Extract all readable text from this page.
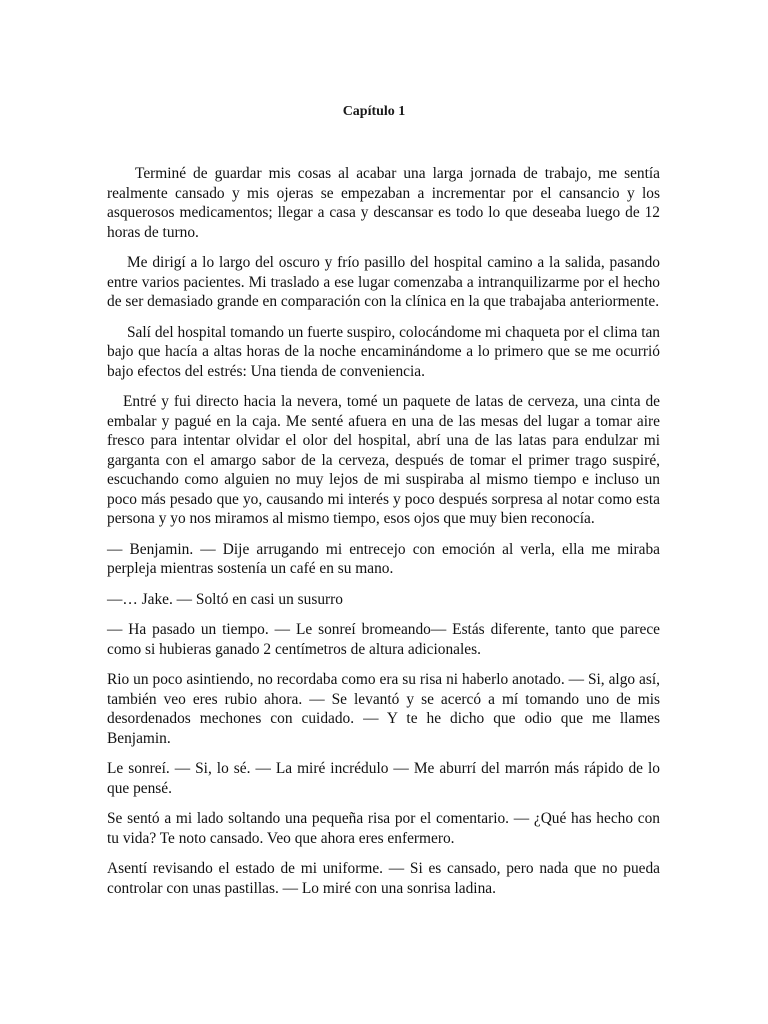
Capítulo 1

Terminé de guardar mis cosas al acabar una larga jornada de trabajo, me sentía realmente cansado y mis ojeras se empezaban a incrementar por el cansancio y los asquerosos medicamentos; llegar a casa y descansar es todo lo que deseaba luego de 12 horas de turno.

Me dirigí a lo largo del oscuro y frío pasillo del hospital camino a la salida, pasando entre varios pacientes. Mi traslado a ese lugar comenzaba a intranquilizarme por el hecho de ser demasiado grande en comparación con la clínica en la que trabajaba anteriormente.

Salí del hospital tomando un fuerte suspiro, colocándome mi chaqueta por el clima tan bajo que hacía a altas horas de la noche encaminándome a lo primero que se me ocurrió bajo efectos del estrés: Una tienda de conveniencia.

Entré y fui directo hacia la nevera, tomé un paquete de latas de cerveza, una cinta de embalar y pagué en la caja. Me senté afuera en una de las mesas del lugar a tomar aire fresco para intentar olvidar el olor del hospital, abrí una de las latas para endulzar mi garganta con el amargo sabor de la cerveza, después de tomar el primer trago suspiré, escuchando como alguien no muy lejos de mi suspiraba al mismo tiempo e incluso un poco más pesado que yo, causando mi interés y poco después sorpresa al notar como esta persona y yo nos miramos al mismo tiempo, esos ojos que muy bien reconocía.

— Benjamin. — Dije arrugando mi entrecejo con emoción al verla, ella me miraba perpleja mientras sostenía un café en su mano.

—… Jake. — Soltó en casi un susurro

— Ha pasado un tiempo. — Le sonreí bromeando— Estás diferente, tanto que parece como si hubieras ganado 2 centímetros de altura adicionales.

Rio un poco asintiendo, no recordaba como era su risa ni haberlo anotado. — Si, algo así, también veo eres rubio ahora. — Se levantó y se acercó a mí tomando uno de mis desordenados mechones con cuidado. — Y te he dicho que odio que me llames Benjamin.

Le sonreí. — Si, lo sé. — La miré incrédulo — Me aburrí del marrón más rápido de lo que pensé.

Se sentó a mi lado soltando una pequeña risa por el comentario. — ¿Qué has hecho con tu vida? Te noto cansado. Veo que ahora eres enfermero.

Asentí revisando el estado de mi uniforme. — Si es cansado, pero nada que no pueda controlar con unas pastillas. — Lo miré con una sonrisa ladina.
